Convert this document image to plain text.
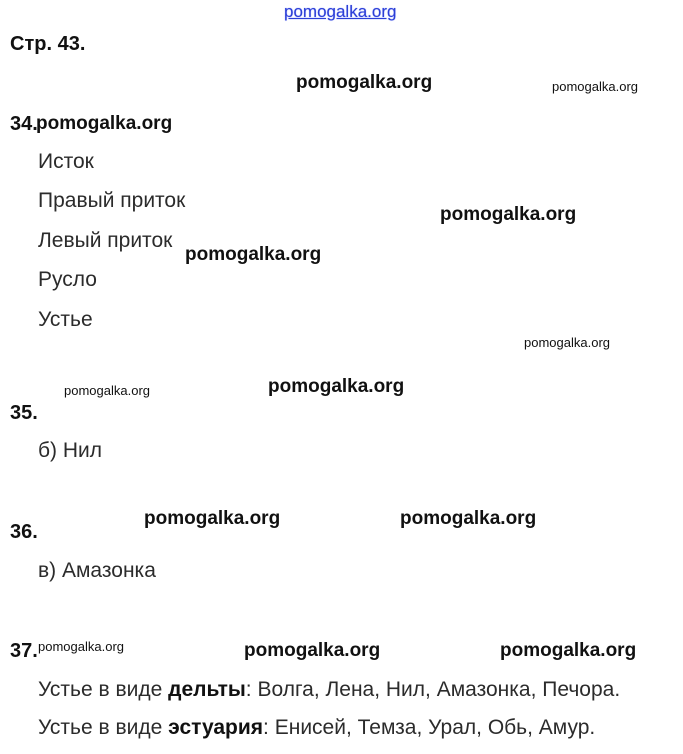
pomogalka.org
Стр. 43.
34.
Исток
Правый приток
Левый приток
Русло
Устье
35.
б) Нил
36.
в) Амазонка
37.
Устье в виде дельты: Волга, Лена, Нил, Амазонка, Печора.
Устье в виде эстуария: Енисей, Темза, Урал, Обь, Амур.
pomogalka.org	pomogalka.org
pomogalka.org
pomogalka.org
pomogalka.org
pomogalka.org
pomogalka.org	pomogalka.org
pomogalka.org	pomogalka.org
pomogalka.org	pomogalka.org	pomogalka.org
